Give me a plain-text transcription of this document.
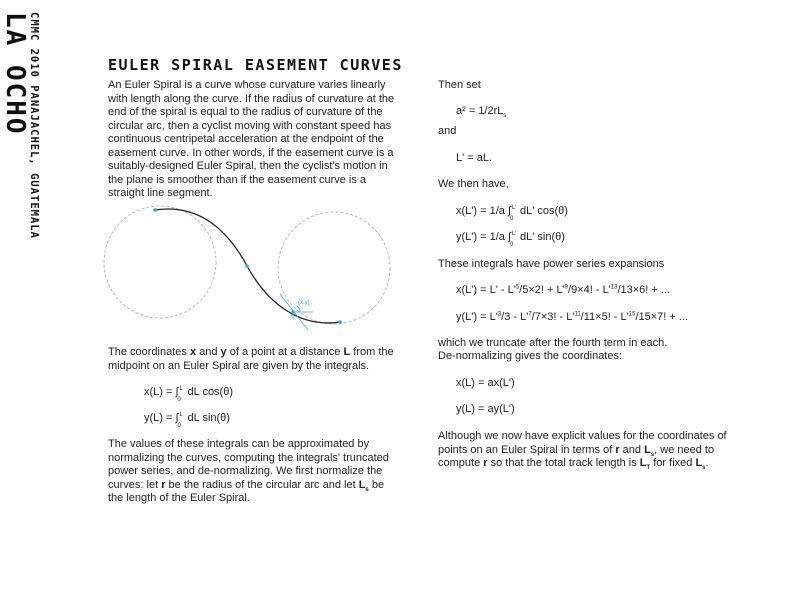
LA OCHO
CMMC 2010 PANAJACHEL, GUATEMALA	EULER SPIRAL EASEMENT CURVES
An Euler Spiral is a curve whose curvature varies linearly with length along the curve. If the radius of curvature at the end of the spiral is equal to the radius of curvature of the circular arc, then a cyclist moving with constant speed has continuous centripetal acceleration at the endpoint of the easement curve. In other words, if the easement curve is a suitably-designed Euler Spiral, then the cyclist's motion in the plane is smoother than if the easement curve is a straight line segment.
(x,y)
θ
The coordinates x and y of a point at a distance L from the midpoint on an Euler Spiral are given by the integrals.
x(L) = ∫ L
0
dL cos(θ)
y(L) = ∫ L
0
dL sin(θ)
The values of these integrals can be approximated by normalizing the curves, computing the integrals' truncated power series, and de-normalizing. We first normalize the curves: let r be the radius of the circular arc and let $L_s$ be the length of the Euler Spiral.
Then set
$a^2 = 1/2rL_s$
and
L' = aL.
We then have,
x(L') = 1/a ∫ L'
0
dL' cos(θ)
y(L') = 1/a ∫ L'
0
dL' sin(θ)
These integrals have power series expansions
$x(L') = L' - L'^5/5\times 2$! + $L'^9/9\times 4$! - $L'^{13}/13\times 6$! + ...
$y(L') = L'^3/3 - L'^7/7\times 3$! - $L'^{11}/11\times 5$! - $L'^{15}/15\times 7$! + ...
which we truncate after the fourth term in each.
De-normalizing gives the coordinates:
x(L) = ax(L')
y(L) = ay(L')
Although we now have explicit values for the coordinates of points on an Euler Spiral in terms of r and $L_s$, we need to compute r so that the total track length is $L_T$ for fixed $L_s$.
